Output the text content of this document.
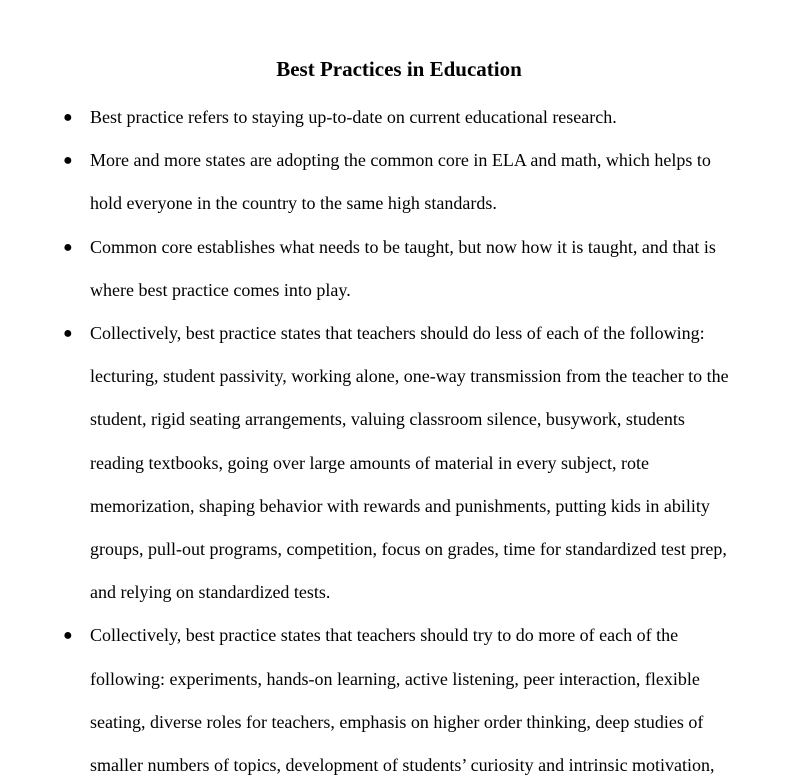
Best Practices in Education
● Best practice refers to staying up-to-date on current educational research.
● More and more states are adopting the common core in ELA and math, which helps to
hold everyone in the country to the same high standards.
● Common core establishes what needs to be taught, but now how it is taught, and that is
where best practice comes into play.
● Collectively, best practice states that teachers should do less of each of the following:
lecturing, student passivity, working alone, one-way transmission from the teacher to the
student, rigid seating arrangements, valuing classroom silence, busywork, students
reading textbooks, going over large amounts of material in every subject, rote
memorization, shaping behavior with rewards and punishments, putting kids in ability
groups, pull-out programs, competition, focus on grades, time for standardized test prep,
and relying on standardized tests.
● Collectively, best practice states that teachers should try to do more of each of the
following: experiments, hands-on learning, active listening, peer interaction, flexible
seating, diverse roles for teachers, emphasis on higher order thinking, deep studies of
smaller numbers of topics, development of students’ curiosity and intrinsic motivation,
